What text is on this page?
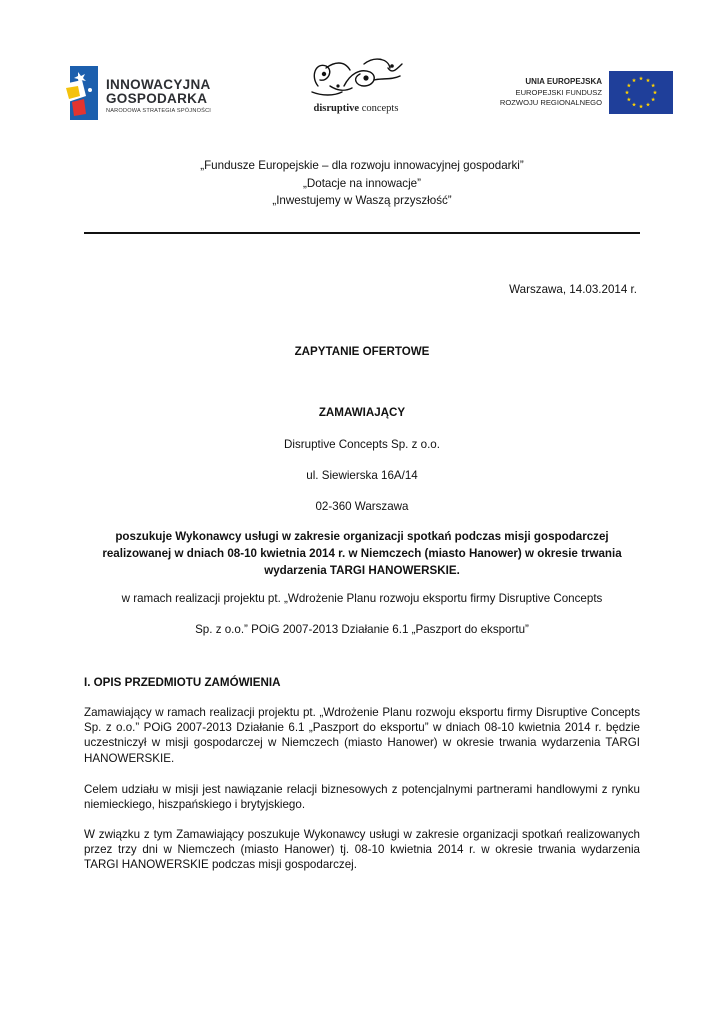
INNOWACYJNA
GOSPODARKA
NARODOWA STRATEGIA SPÓJNOŚCI	disruptive concepts
UNIA EUROPEJSKA
EUROPEJSKI FUNDUSZ
ROZWOJU REGIONALNEGO
„Fundusze Europejskie – dla rozwoju innowacyjnej gospodarki”
„Dotacje na innowacje”
„Inwestujemy w Waszą przyszłość”
Warszawa, 14.03.2014 r.
ZAPYTANIE OFERTOWE
ZAMAWIAJĄCY
Disruptive Concepts Sp. z o.o.
ul. Siewierska 16A/14
02-360 Warszawa
poszukuje Wykonawcy usługi w zakresie organizacji spotkań podczas misji gospodarczej
realizowanej w dniach 08-10 kwietnia 2014 r. w Niemczech (miasto Hanower) w okresie trwania
wydarzenia TARGI HANOWERSKIE.
w ramach realizacji projektu pt. „Wdrożenie Planu rozwoju eksportu firmy Disruptive Concepts
Sp. z o.o.” POiG 2007-2013 Działanie 6.1 „Paszport do eksportu”
I. OPIS PRZEDMIOTU ZAMÓWIENIA
Zamawiający w ramach realizacji projektu pt. „Wdrożenie Planu rozwoju eksportu firmy Disruptive Concepts Sp. z o.o.” POiG 2007-2013 Działanie 6.1 „Paszport do eksportu” w dniach 08-10 kwietnia 2014 r. będzie uczestniczył w misji gospodarczej w Niemczech (miasto Hanower) w okresie trwania wydarzenia TARGI HANOWERSKIE.
Celem udziału w misji jest nawiązanie relacji biznesowych z potencjalnymi partnerami handlowymi z rynku niemieckiego, hiszpańskiego i brytyjskiego.
W związku z tym Zamawiający poszukuje Wykonawcy usługi w zakresie organizacji spotkań realizowanych przez trzy dni w Niemczech (miasto Hanower) tj. 08-10 kwietnia 2014 r. w okresie trwania wydarzenia TARGI HANOWERSKIE podczas misji gospodarczej.
